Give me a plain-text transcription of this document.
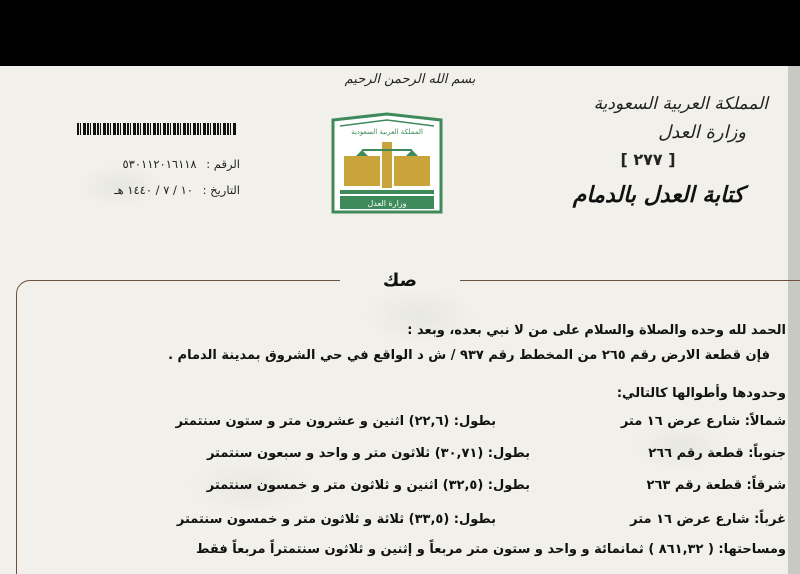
بسم الله الرحمن الرحيم
المملكة العربية السعودية
وزارة العدل
المملكة العربية السعودية
وزارة العدل
[ ٢٧٧ ]
كتابة العدل بالدمام
الرقم : ٥٣٠١١٢٠١٦١١٨
التاريخ : ١٠ / ٧ / ١٤٤٠ هـ
صك
الحمد لله وحده والصلاة والسلام على من لا نبي بعده، وبعد :
فإن قطعة الارض رقم ٢٦٥ من المخطط رقم ٩٣٧ / ش د الواقع في حي الشروق بمدينة الدمام .
وحدودها وأطوالها كالتالي:
شمالاً: شارع عرض ١٦ متر
بطول: (٢٢,٦) اثنين و عشرون متر و ستون سنتمتر
جنوباً: قطعة رقم ٢٦٦
بطول: (٣٠,٧١) ثلاثون متر و واحد و سبعون سنتمتر
شرقاً: قطعة رقم ٢٦٣
بطول: (٣٢,٥) اثنين و ثلاثون متر و خمسون سنتمتر
غرباً: شارع عرض ١٦ متر
بطول: (٣٣,٥) ثلاثة و ثلاثون متر و خمسون سنتمتر
ومساحتها: ( ٨٦١,٣٢ ) ثمانمائة و واحد و ستون متر مربعاً و إثنين و ثلاثون سنتمتراً مربعاً فقط
